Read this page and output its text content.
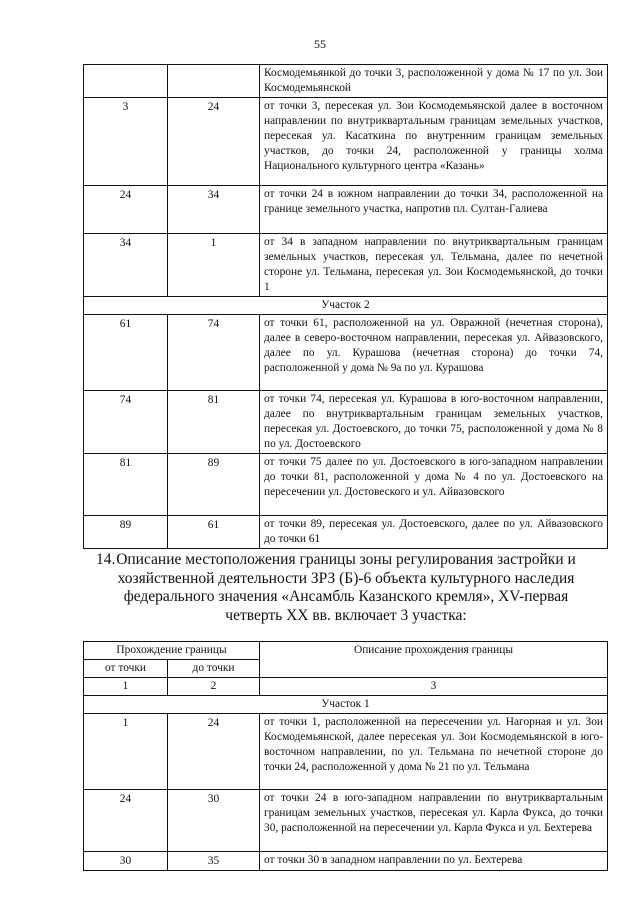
55
		Космодемьянкой до точки 3, расположенной у дома № 17 по ул. Зои Космодемьянской
3	24	от точки 3, пересекая ул. Зои Космодемьянской далее в восточном направлении по внутриквартальным границам земельных участков, пересекая ул. Касаткина по внутренним границам земельных участков, до точки 24, расположенной у границы холма Национального культурного центра «Казань»
24	34	от точки 24 в южном направлении до точки 34, расположенной на границе земельного участка, напротив пл. Султан-Галиева
34	1	от 34 в западном направлении по внутриквартальным границам земельных участков, пересекая ул. Тельмана, далее по нечетной стороне ул. Тельмана, пересекая ул. Зои Космодемьянской, до точки 1
Участок 2		
61	74	от точки 61, расположенной на ул. Овражной (нечетная сторона), далее в северо-восточном направлении, пересекая ул. Айвазовского, далее по ул. Курашова (нечетная сторона) до точки 74, расположенной у дома № 9а по ул. Курашова
74	81	от точки 74, пересекая ул. Курашова в юго-восточном направлении, далее по внутриквартальным границам земельных участков, пересекая ул. Достоевского, до точки 75, расположенной у дома № 8 по ул. Достоевского
81	89	от точки 75 далее по ул. Достоевского в юго-западном направлении до точки 81, расположенной у дома № 4 по ул. Достоевского на пересечении ул. Достовеского и ул. Айвазовского
89	61	от точки 89, пересекая ул. Достоевского, далее по ул. Айвазовского до точки 61
14. Описание местоположения границы зоны регулирования застройки и хозяйственной деятельности ЗРЗ (Б)-6 объекта культурного наследия федерального значения «Ансамбль Казанского кремля», XV-первая четверть XX вв. включает 3 участка:
Прохождение границы		Описание прохождения границы
от точки	до точки	
1	2	3
Участок 1		
1	24	от точки 1, расположенной на пересечении ул. Нагорная и ул. Зои Космодемьянской, далее пересекая ул. Зои Космодемьянской в юго-восточном направлении, по ул. Тельмана по нечетной стороне до точки 24, расположенной у дома № 21 по ул. Тельмана
24	30	от точки 24 в юго-западном направлении по внутриквартальным границам земельных участков, пересекая ул. Карла Фукса, до точки 30, расположенной на пересечении ул. Карла Фукса и ул. Бехтерева
30	35	от точки 30 в западном направлении по ул. Бехтерева
